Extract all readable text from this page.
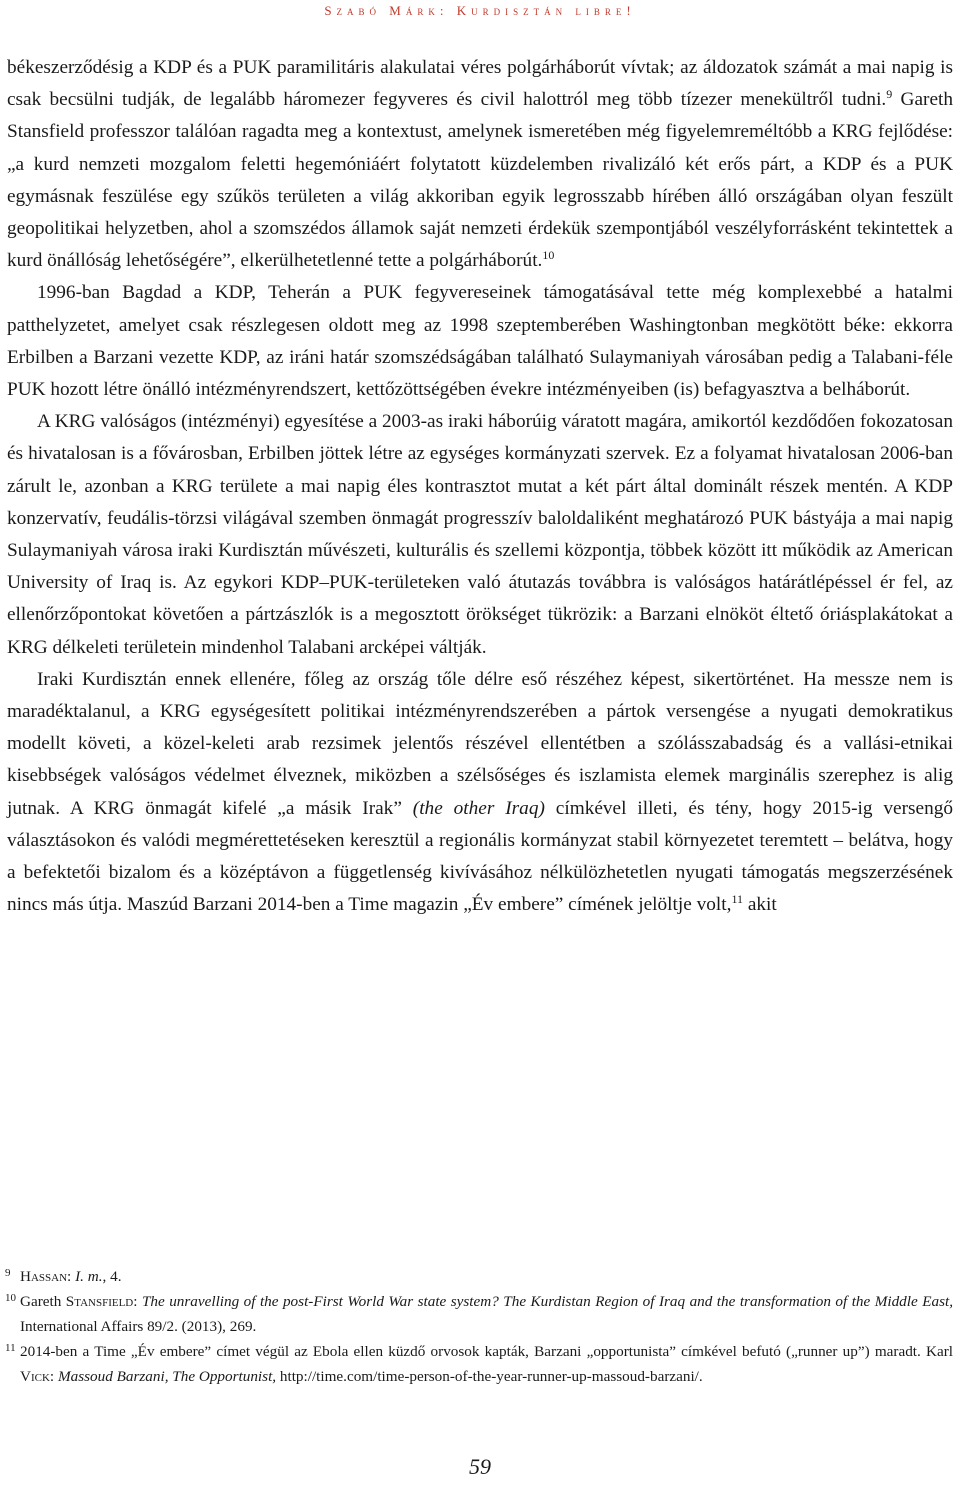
Szabó Márk: Kurdisztán libre!

békeszerződésig a KDP és a PUK paramilitáris alakulatai véres polgárháborút vívtak; az áldozatok számát a mai napig is csak becsülni tudják, de legalább háromezer fegyveres és civil halottról meg több tízezer menekültről tudni.$^9$ Gareth Stansfield professzor találóan ragadta meg a kontextust, amelynek ismeretében még figyelemreméltóbb a KRG fejlődése: „a kurd nemzeti mozgalom feletti hegemóniáért folytatott küzdelemben rivalizáló két erős párt, a KDP és a PUK egymásnak feszülése egy szűkös területen a világ akkoriban egyik legrosszabb hírében álló országában olyan feszült geopolitikai helyzetben, ahol a szomszédos államok saját nemzeti érdekük szempontjából veszélyforrásként tekintettek a kurd önállóság lehetőségére”, elkerülhetetlenné tette a polgárháborút.$^{10}$

1996-ban Bagdad a KDP, Teherán a PUK fegyvereseinek támogatásával tette még komplexebbé a hatalmi patthelyzetet, amelyet csak részlegesen oldott meg az 1998 szeptemberében Washingtonban megkötött béke: ekkorra Erbilben a Barzani vezette KDP, az iráni határ szomszédságában található Sulaymaniyah városában pedig a Talabani-féle PUK hozott létre önálló intézményrendszert, kettőzöttségében évekre intézményeiben (is) befagyasztva a belháborút.

A KRG valóságos (intézményi) egyesítése a 2003-as iraki háborúig váratott magára, amikortól kezdődően fokozatosan és hivatalosan is a fővárosban, Erbilben jöttek létre az egységes kormányzati szervek. Ez a folyamat hivatalosan 2006-ban zárult le, azonban a KRG területe a mai napig éles kontrasztot mutat a két párt által dominált részek mentén. A KDP konzervatív, feudális-törzsi világával szemben önmagát progresszív baloldaliként meghatározó PUK bástyája a mai napig Sulaymaniyah városa iraki Kurdisztán művészeti, kulturális és szellemi központja, többek között itt működik az American University of Iraq is. Az egykori KDP–PUK-területeken való átutazás továbbra is valóságos határátlépéssel ér fel, az ellenőrzőpontokat követően a pártzászlók is a megosztott örökséget tükrözik: a Barzani elnököt éltető óriásplakátokat a KRG délkeleti területein mindenhol Talabani arcképei váltják.

Iraki Kurdisztán ennek ellenére, főleg az ország tőle délre eső részéhez képest, sikertörténet. Ha messze nem is maradéktalanul, a KRG egységesített politikai intézményrendszerében a pártok versengése a nyugati demokratikus modellt követi, a közel-keleti arab rezsimek jelentős részével ellentétben a szólásszabadság és a vallási-etnikai kisebbségek valóságos védelmet élveznek, miközben a szélsőséges és iszlamista elemek marginális szerephez is alig jutnak. A KRG önmagát kifelé „a másik Irak” (the other Iraq) címkével illeti, és tény, hogy 2015-ig versengő választásokon és valódi megmérettetéseken keresztül a regionális kormányzat stabil környezetet teremtett – belátva, hogy a befektetői bizalom és a középtávon a függetlenség kivívásához nélkülözhetetlen nyugati támogatás megszerzésének nincs más útja. Maszúd Barzani 2014-ben a Time magazin „Év embere” címének jelöltje volt,$^{11}$ akit

9 Hassan: I. m., 4.
10 Gareth Stansfield: The unravelling of the post-First World War state system? The Kurdistan Region of Iraq and the transformation of the Middle East, International Affairs 89/2. (2013), 269.
11 2014-ben a Time „Év embere” címet végül az Ebola ellen küzdő orvosok kapták, Barzani „opportunista” címkével befutó („runner up”) maradt. Karl Vick: Massoud Barzani, The Opportunist, http://time.com/time-person-of-the-year-runner-up-massoud-barzani/.
59
